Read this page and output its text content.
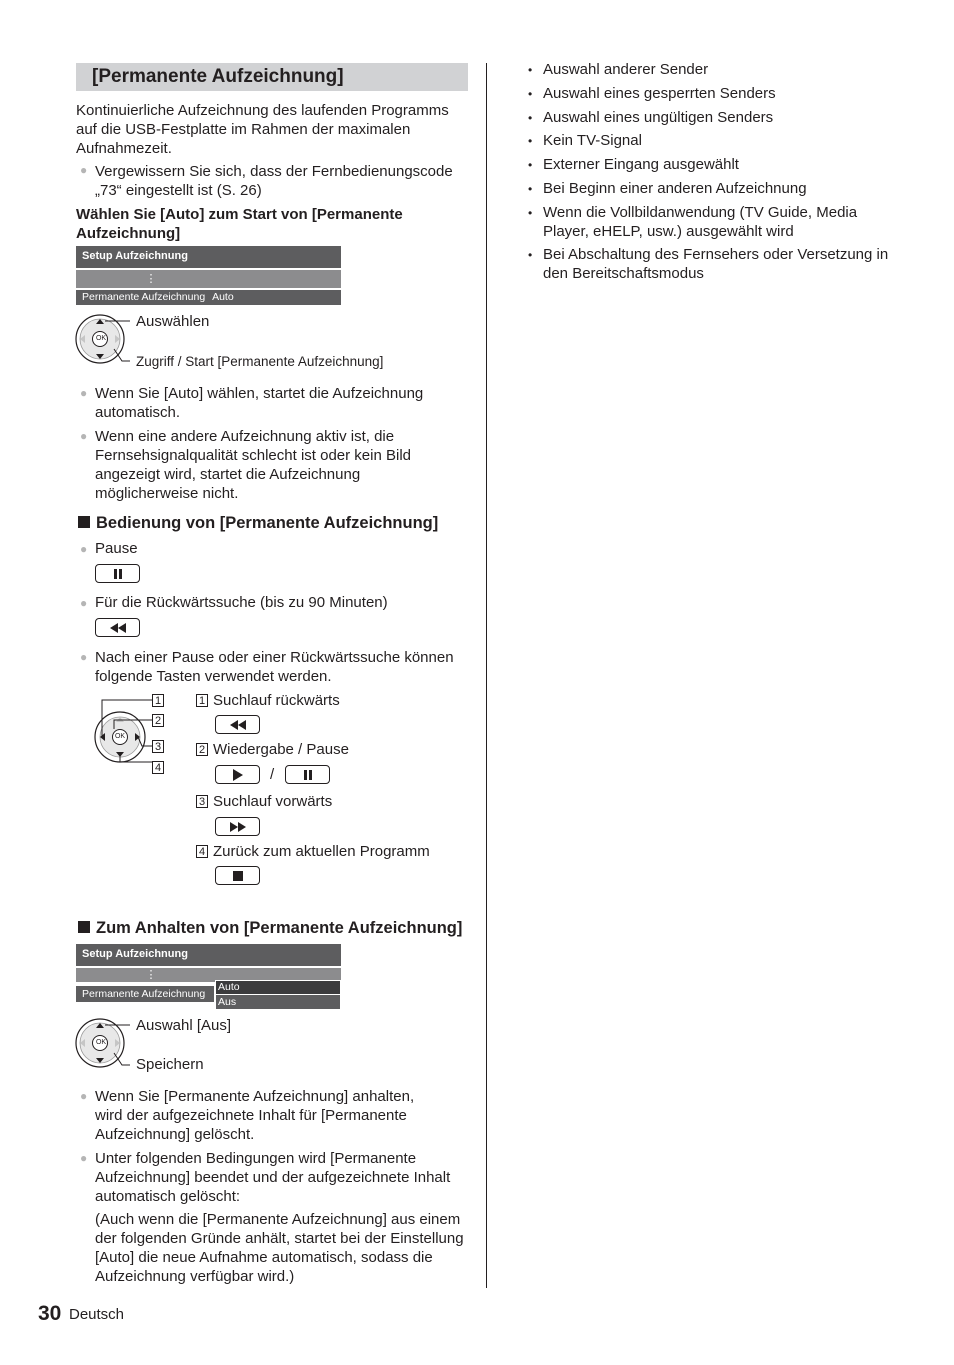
[Permanente Aufzeichnung]
Kontinuierliche Aufzeichnung des laufenden Programms auf die USB-Festplatte im Rahmen der maximalen Aufnahmezeit.
● Vergewissern Sie sich, dass der Fernbedienungscode „73“ eingestellt ist (S. 26)
Wählen Sie [Auto] zum Start von [Permanente Aufzeichnung]
Setup Aufzeichnung
⋮
Permanente Aufzeichnung Auto
OK
Auswählen
Zugriff / Start [Permanente Aufzeichnung]
● Wenn Sie [Auto] wählen, startet die Aufzeichnung automatisch.
● Wenn eine andere Aufzeichnung aktiv ist, die Fernsehsignalqualität schlecht ist oder kein Bild angezeigt wird, startet die Aufzeichnung möglicherweise nicht.
Bedienung von [Permanente Aufzeichnung]
● Pause
● Für die Rückwärtssuche (bis zu 90 Minuten)
● Nach einer Pause oder einer Rückwärtssuche können folgende Tasten verwendet werden.
OK
1
2
3
4
1 Suchlauf rückwärts
2 Wiedergabe / Pause
/
3 Suchlauf vorwärts
4 Zurück zum aktuellen Programm
Zum Anhalten von [Permanente Aufzeichnung]
Setup Aufzeichnung
⋮
Permanente Aufzeichnung
Auto
Aus
OK
Auswahl [Aus]
Speichern
● Wenn Sie [Permanente Aufzeichnung] anhalten, wird der aufgezeichnete Inhalt für [Permanente Aufzeichnung] gelöscht.
● Unter folgenden Bedingungen wird [Permanente Aufzeichnung] beendet und der aufgezeichnete Inhalt automatisch gelöscht:
(Auch wenn die [Permanente Aufzeichnung] aus einem der folgenden Gründe anhält, startet bei der Einstellung [Auto] die neue Aufnahme automatisch, sodass die Aufzeichnung verfügbar wird.)
• Auswahl anderer Sender
• Auswahl eines gesperrten Senders
• Auswahl eines ungültigen Senders
• Kein TV-Signal
• Externer Eingang ausgewählt
• Bei Beginn einer anderen Aufzeichnung
• Wenn die Vollbildanwendung (TV Guide, Media Player, eHELP, usw.) ausgewählt wird
• Bei Abschaltung des Fernsehers oder Versetzung in den Bereitschaftsmodus
30 Deutsch
